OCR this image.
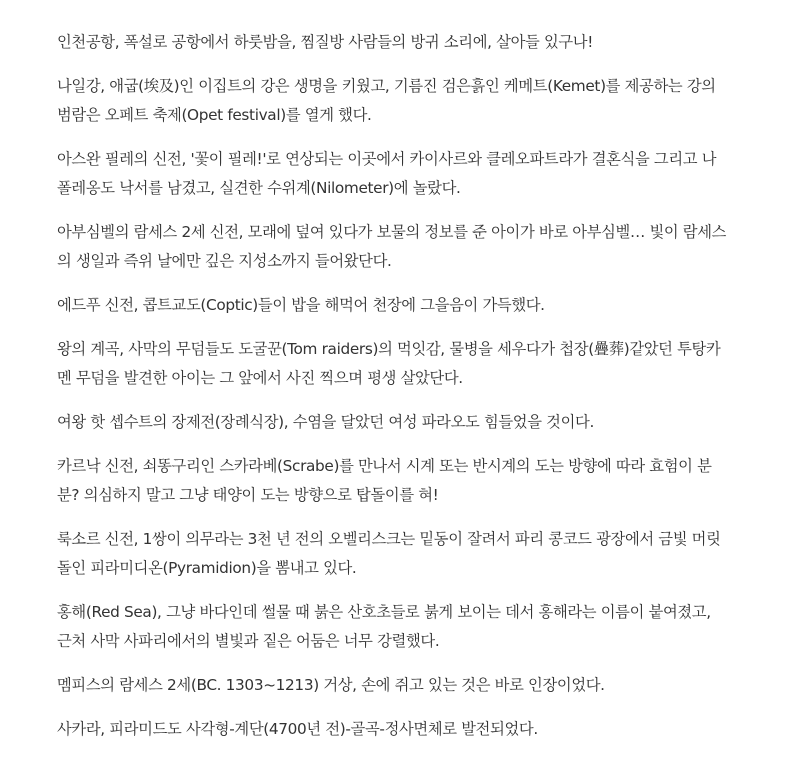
인천공항, 폭설로 공항에서 하룻밤을, 찜질방 사람들의 방귀 소리에, 살아들 있구나!

나일강, 애굽(埃及)인 이집트의 강은 생명을 키웠고, 기름진 검은흙인 케메트(Kemet)를 제공하는 강의 범람은 오페트 축제(Opet festival)를 열게 했다.

아스완 필레의 신전, '꽃이 필레!'로 연상되는 이곳에서 카이사르와 클레오파트라가 결혼식을 그리고 나폴레옹도 낙서를 남겼고, 실견한 수위계(Nilometer)에 놀랐다.

아부심벨의 람세스 2세 신전, 모래에 덮여 있다가 보물의 정보를 준 아이가 바로 아부심벨… 빛이 람세스의 생일과 즉위 날에만 깊은 지성소까지 들어왔단다.

에드푸 신전, 콥트교도(Coptic)들이 밥을 해먹어 천장에 그을음이 가득했다.

왕의 계곡, 사막의 무덤들도 도굴꾼(Tom raiders)의 먹잇감, 물병을 세우다가 첩장(疊葬)같았던 투탕카멘 무덤을 발견한 아이는 그 앞에서 사진 찍으며 평생 살았단다.

여왕 핫 셉수트의 장제전(장례식장), 수염을 달았던 여성 파라오도 힘들었을 것이다.

카르낙 신전, 쇠똥구리인 스카라베(Scrabe)를 만나서 시계 또는 반시계의 도는 방향에 따라 효험이 분분? 의심하지 말고 그냥 태양이 도는 방향으로 탑돌이를 혀!

룩소르 신전, 1쌍이 의무라는 3천 년 전의 오벨리스크는 밑동이 잘려서 파리 콩코드 광장에서 금빛 머릿돌인 피라미디온(Pyramidion)을 뽐내고 있다.

홍해(Red Sea), 그냥 바다인데 썰물 때 붉은 산호초들로 붉게 보이는 데서 홍해라는 이름이 붙여졌고, 근처 사막 사파리에서의 별빛과 짙은 어둠은 너무 강렬했다.

멤피스의 람세스 2세(BC. 1303~1213) 거상, 손에 쥐고 있는 것은 바로 인장이었다.

사카라, 피라미드도 사각형-계단(4700년 전)-골곡-정사면체로 발전되었다.
